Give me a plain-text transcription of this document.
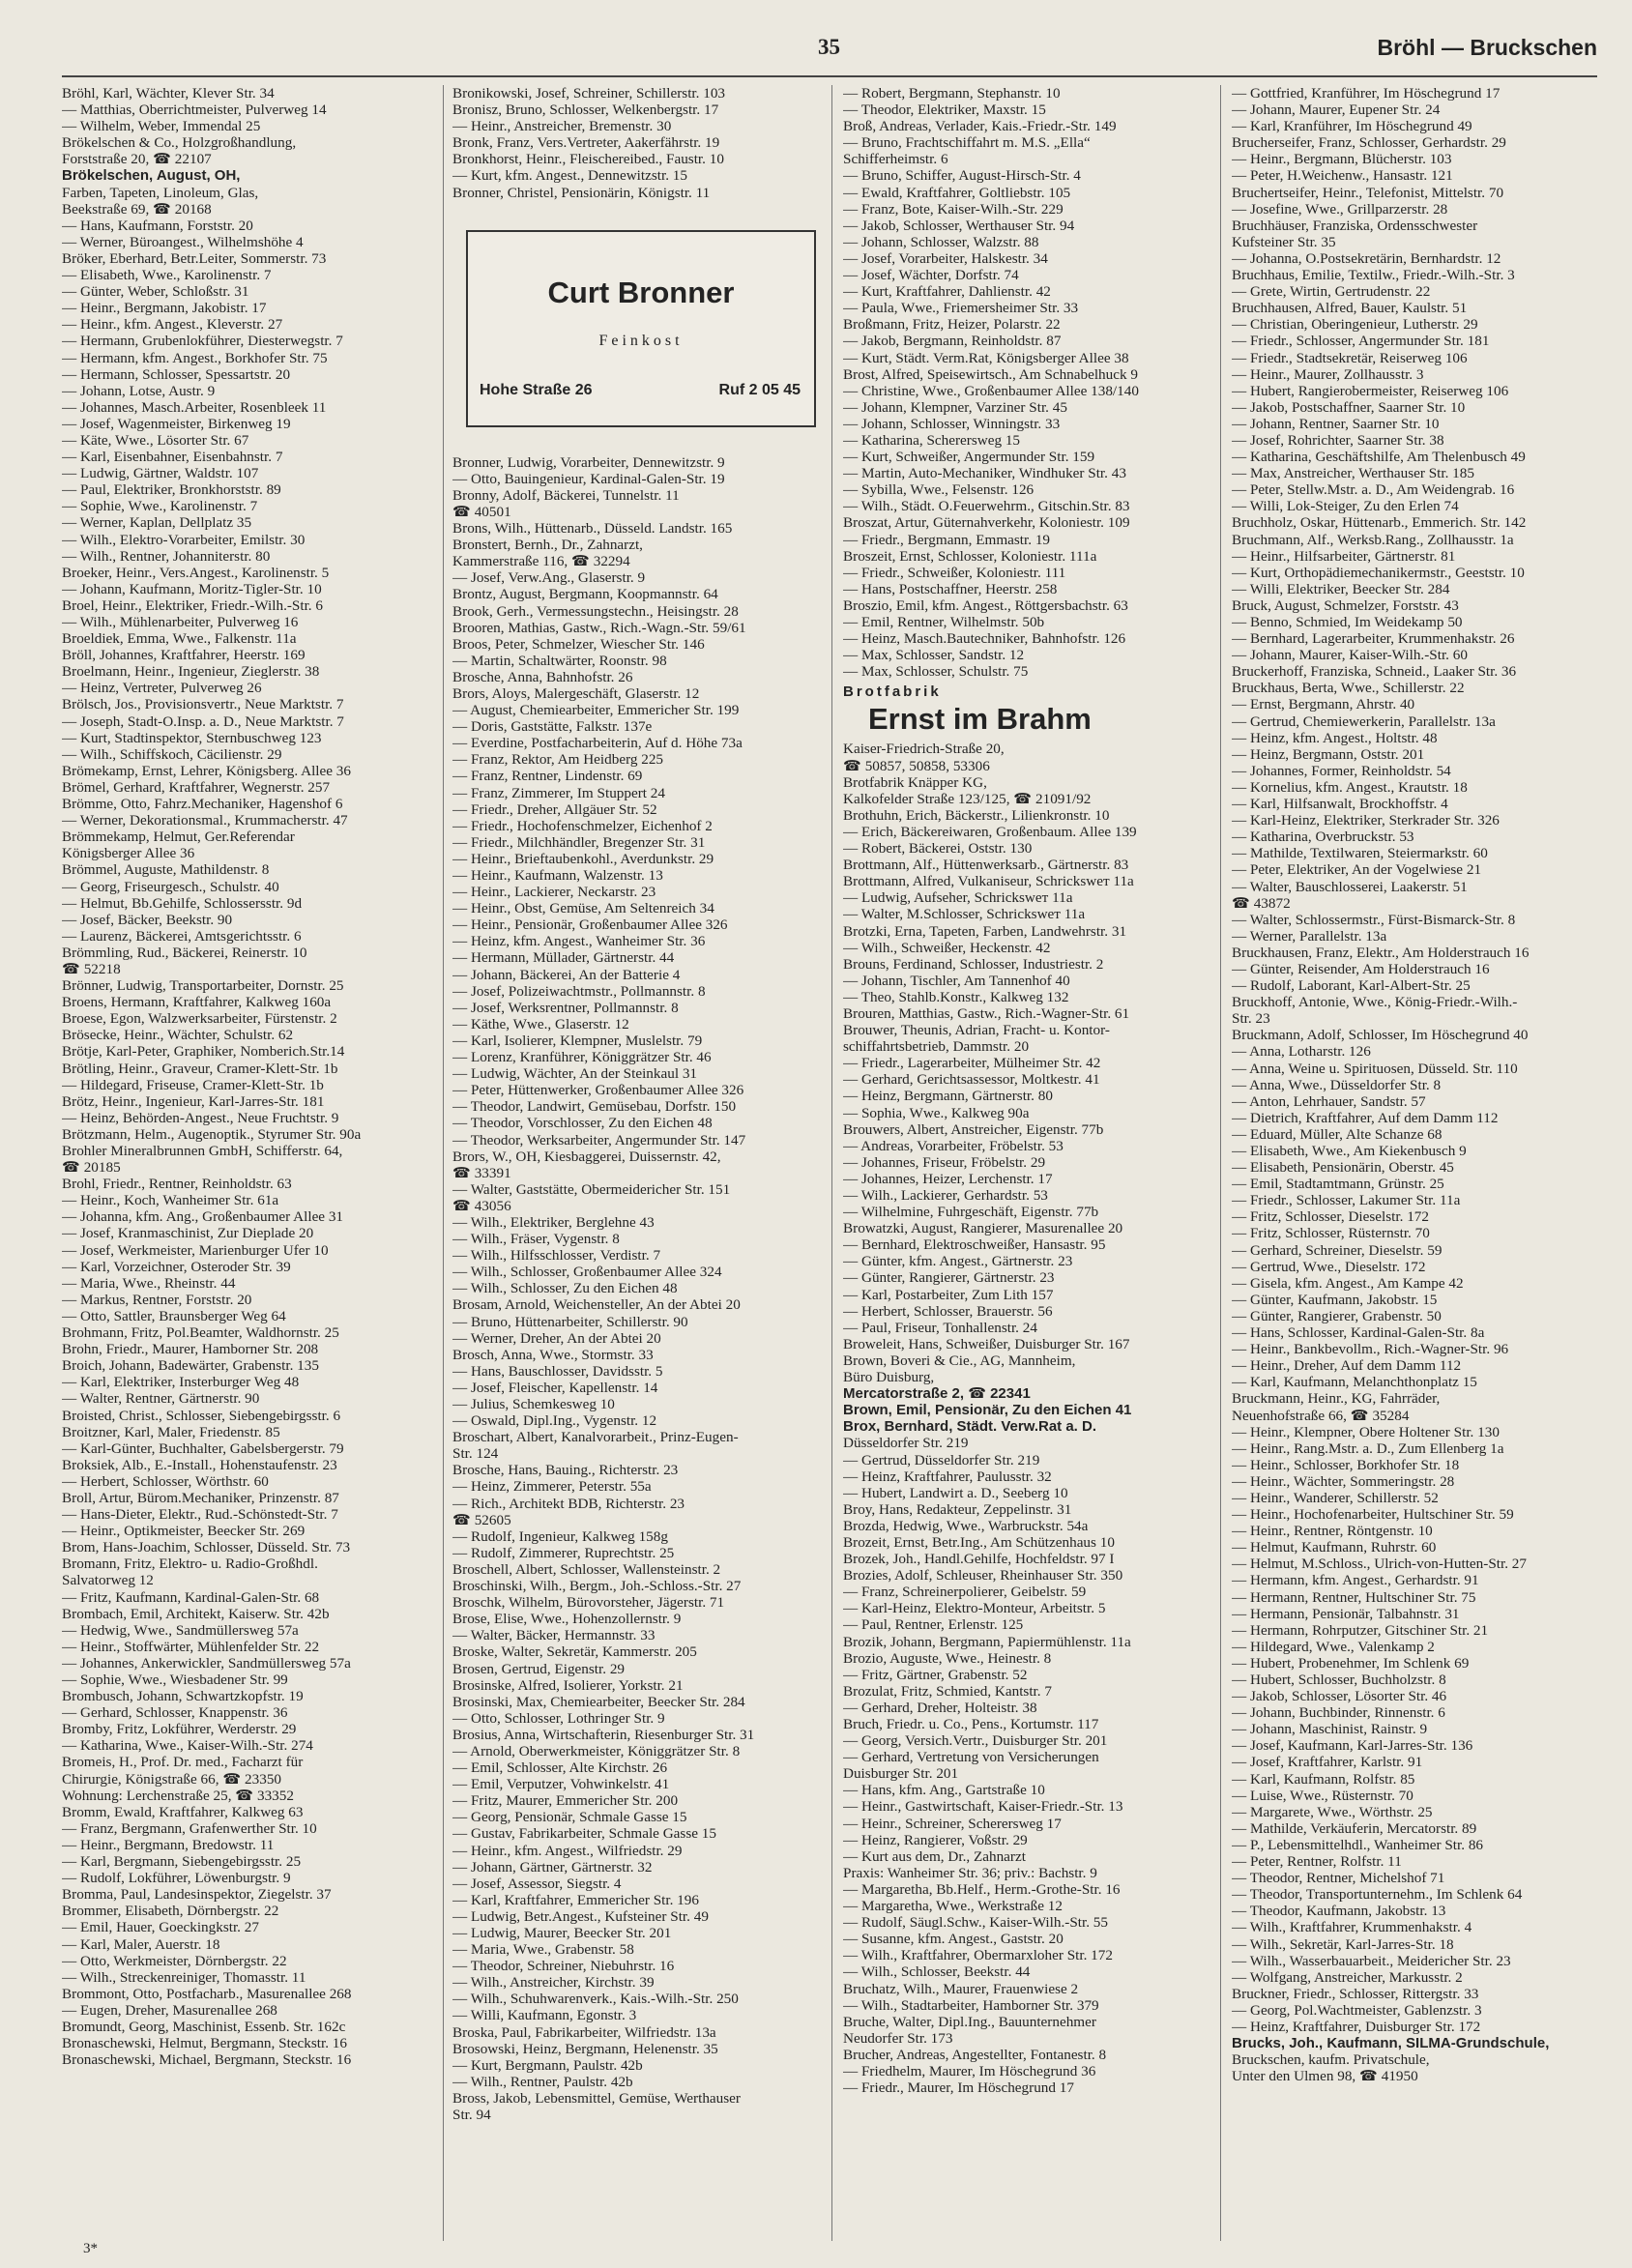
35	Bröhl — Bruckschen
Bröhl, Karl, Wächter, Klever Str. 34
— Matthias, Oberrichtmeister, Pulverweg 14
— Wilhelm, Weber, Immendal 25
Brökelschen & Co., Holzgroßhandlung,
Forststraße 20, ☎ 22107
Brökelschen, August, OH,
Farben, Tapeten, Linoleum, Glas,
Beekstraße 69, ☎ 20168
— Hans, Kaufmann, Forststr. 20
— Werner, Büroangest., Wilhelmshöhe 4
Bröker, Eberhard, Betr.Leiter, Sommerstr. 73
— Elisabeth, Wwe., Karolinenstr. 7
— Günter, Weber, Schloßstr. 31
— Heinr., Bergmann, Jakobistr. 17
— Heinr., kfm. Angest., Kleverstr. 27
— Hermann, Grubenlokführer, Diesterwegstr. 7
— Hermann, kfm. Angest., Borkhofer Str. 75
— Hermann, Schlosser, Spessartstr. 20
— Johann, Lotse, Austr. 9
— Johannes, Masch.Arbeiter, Rosenbleek 11
— Josef, Wagenmeister, Birkenweg 19
— Käte, Wwe., Lösorter Str. 67
— Karl, Eisenbahner, Eisenbahnstr. 7
— Ludwig, Gärtner, Waldstr. 107
— Paul, Elektriker, Bronkhorststr. 89
— Sophie, Wwe., Karolinenstr. 7
— Werner, Kaplan, Dellplatz 35
— Wilh., Elektro-Vorarbeiter, Emilstr. 30
— Wilh., Rentner, Johanniterstr. 80
Broeker, Heinr., Vers.Angest., Karolinenstr. 5
— Johann, Kaufmann, Moritz-Tigler-Str. 10
Broel, Heinr., Elektriker, Friedr.-Wilh.-Str. 6
— Wilh., Mühlenarbeiter, Pulverweg 16
Broeldiek, Emma, Wwe., Falkenstr. 11a
Bröll, Johannes, Kraftfahrer, Heerstr. 169
Broelmann, Heinr., Ingenieur, Zieglerstr. 38
— Heinz, Vertreter, Pulverweg 26
Brölsch, Jos., Provisionsvertr., Neue Marktstr. 7
— Joseph, Stadt-O.Insp. a. D., Neue Marktstr. 7
— Kurt, Stadtinspektor, Sternbuschweg 123
— Wilh., Schiffskoch, Cäcilienstr. 29
Brömekamp, Ernst, Lehrer, Königsberg. Allee 36
Brömel, Gerhard, Kraftfahrer, Wegnerstr. 257
Brömme, Otto, Fahrz.Mechaniker, Hagenshof 6
— Werner, Dekorationsmal., Krummacherstr. 47
Brömmekamp, Helmut, Ger.Referendar
Königsberger Allee 36
Brömmel, Auguste, Mathildenstr. 8
— Georg, Friseurgesch., Schulstr. 40
— Helmut, Bb.Gehilfe, Schlossersstr. 9d
— Josef, Bäcker, Beekstr. 90
— Laurenz, Bäckerei, Amtsgerichtsstr. 6
Brömmling, Rud., Bäckerei, Reinerstr. 10
☎ 52218
Brönner, Ludwig, Transportarbeiter, Dornstr. 25
Broens, Hermann, Kraftfahrer, Kalkweg 160a
Broese, Egon, Walzwerksarbeiter, Fürstenstr. 2
Brösecke, Heinr., Wächter, Schulstr. 62
Brötje, Karl-Peter, Graphiker, Nomberich.Str.14
Brötling, Heinr., Graveur, Cramer-Klett-Str. 1b
— Hildegard, Friseuse, Cramer-Klett-Str. 1b
Brötz, Heinr., Ingenieur, Karl-Jarres-Str. 181
— Heinz, Behörden-Angest., Neue Fruchtstr. 9
Brötzmann, Helm., Augenoptik., Styrumer Str. 90a
Brohler Mineralbrunnen GmbH, Schifferstr. 64,
☎ 20185
Brohl, Friedr., Rentner, Reinholdstr. 63
— Heinr., Koch, Wanheimer Str. 61a
— Johanna, kfm. Ang., Großenbaumer Allee 31
— Josef, Kranmaschinist, Zur Dieplade 20
— Josef, Werkmeister, Marienburger Ufer 10
— Karl, Vorzeichner, Osteroder Str. 39
— Maria, Wwe., Rheinstr. 44
— Markus, Rentner, Forststr. 20
— Otto, Sattler, Braunsberger Weg 64
Brohmann, Fritz, Pol.Beamter, Waldhornstr. 25
Brohn, Friedr., Maurer, Hamborner Str. 208
Broich, Johann, Badewärter, Grabenstr. 135
— Karl, Elektriker, Insterburger Weg 48
— Walter, Rentner, Gärtnerstr. 90
Broisted, Christ., Schlosser, Siebengebirgsstr. 6
Broitzner, Karl, Maler, Friedenstr. 85
— Karl-Günter, Buchhalter, Gabelsbergerstr. 79
Broksiek, Alb., E.-Install., Hohenstaufenstr. 23
— Herbert, Schlosser, Wörthstr. 60
Broll, Artur, Bürom.Mechaniker, Prinzenstr. 87
— Hans-Dieter, Elektr., Rud.-Schönstedt-Str. 7
— Heinr., Optikmeister, Beecker Str. 269
Brom, Hans-Joachim, Schlosser, Düsseld. Str. 73
Bromann, Fritz, Elektro- u. Radio-Großhdl.
Salvatorweg 12
— Fritz, Kaufmann, Kardinal-Galen-Str. 68
Brombach, Emil, Architekt, Kaiserw. Str. 42b
— Hedwig, Wwe., Sandmüllersweg 57a
— Heinr., Stoffwärter, Mühlenfelder Str. 22
— Johannes, Ankerwickler, Sandmüllersweg 57a
— Sophie, Wwe., Wiesbadener Str. 99
Brombusch, Johann, Schwartzkopfstr. 19
— Gerhard, Schlosser, Knappenstr. 36
Bromby, Fritz, Lokführer, Werderstr. 29
— Katharina, Wwe., Kaiser-Wilh.-Str. 274
Bromeis, H., Prof. Dr. med., Facharzt für
Chirurgie, Königstraße 66, ☎ 23350
Wohnung: Lerchenstraße 25, ☎ 33352
Bromm, Ewald, Kraftfahrer, Kalkweg 63
— Franz, Bergmann, Grafenwerther Str. 10
— Heinr., Bergmann, Bredowstr. 11
— Karl, Bergmann, Siebengebirgsstr. 25
— Rudolf, Lokführer, Löwenburgstr. 9
Bromma, Paul, Landesinspektor, Ziegelstr. 37
Brommer, Elisabeth, Dörnbergstr. 22
— Emil, Hauer, Goeckingkstr. 27
— Karl, Maler, Auerstr. 18
— Otto, Werkmeister, Dörnbergstr. 22
— Wilh., Streckenreiniger, Thomasstr. 11
Brommont, Otto, Postfacharb., Masurenallee 268
— Eugen, Dreher, Masurenallee 268
Bromundt, Georg, Maschinist, Essenb. Str. 162c
Bronaschewski, Helmut, Bergmann, Steckstr. 16
Bronaschewski, Michael, Bergmann, Steckstr. 16
Bronikowski, Josef, Schreiner, Schillerstr. 103
Bronisz, Bruno, Schlosser, Welkenbergstr. 17
— Heinr., Anstreicher, Bremenstr. 30
Bronk, Franz, Vers.Vertreter, Aakerfährstr. 19
Bronkhorst, Heinr., Fleischereibed., Faustr. 10
— Kurt, kfm. Angest., Dennewitzstr. 15
Bronner, Christel, Pensionärin, Königstr. 11
Curt Bronner
Feinkost
Hohe Straße 26	Ruf 2 05 45
Bronner, Ludwig, Vorarbeiter, Dennewitzstr. 9
— Otto, Bauingenieur, Kardinal-Galen-Str. 19
Bronny, Adolf, Bäckerei, Tunnelstr. 11
☎ 40501
Brons, Wilh., Hüttenarb., Düsseld. Landstr. 165
Bronstert, Bernh., Dr., Zahnarzt,
Kammerstraße 116, ☎ 32294
— Josef, Verw.Ang., Glaserstr. 9
Brontz, August, Bergmann, Koopmannstr. 64
Brook, Gerh., Vermessungstechn., Heisingstr. 28
Brooren, Mathias, Gastw., Rich.-Wagn.-Str. 59/61
Broos, Peter, Schmelzer, Wiescher Str. 146
— Martin, Schaltwärter, Roonstr. 98
Brosche, Anna, Bahnhofstr. 26
Brors, Aloys, Malergeschäft, Glaserstr. 12
— August, Chemiearbeiter, Emmericher Str. 199
— Doris, Gaststätte, Falkstr. 137e
— Everdine, Postfacharbeiterin, Auf d. Höhe 73a
— Franz, Rektor, Am Heidberg 225
— Franz, Rentner, Lindenstr. 69
— Franz, Zimmerer, Im Stuppert 24
— Friedr., Dreher, Allgäuer Str. 52
— Friedr., Hochofenschmelzer, Eichenhof 2
— Friedr., Milchhändler, Bregenzer Str. 31
— Heinr., Brieftaubenkohl., Averdunkstr. 29
— Heinr., Kaufmann, Walzenstr. 13
— Heinr., Lackierer, Neckarstr. 23
— Heinr., Obst, Gemüse, Am Seltenreich 34
— Heinr., Pensionär, Großenbaumer Allee 326
— Heinz, kfm. Angest., Wanheimer Str. 36
— Hermann, Müllader, Gärtnerstr. 44
— Johann, Bäckerei, An der Batterie 4
— Josef, Polizeiwachtmstr., Pollmannstr. 8
— Josef, Werksrentner, Pollmannstr. 8
— Käthe, Wwe., Glaserstr. 12
— Karl, Isolierer, Klempner, Muslelstr. 79
— Lorenz, Kranführer, Königgrätzer Str. 46
— Ludwig, Wächter, An der Steinkaul 31
— Peter, Hüttenwerker, Großenbaumer Allee 326
— Theodor, Landwirt, Gemüsebau, Dorfstr. 150
— Theodor, Vorschlosser, Zu den Eichen 48
— Theodor, Werksarbeiter, Angermunder Str. 147
Brors, W., OH, Kiesbaggerei, Duissernstr. 42,
☎ 33391
— Walter, Gaststätte, Obermeidericher Str. 151
☎ 43056
— Wilh., Elektriker, Berglehne 43
— Wilh., Fräser, Vygenstr. 8
— Wilh., Hilfsschlosser, Verdistr. 7
— Wilh., Schlosser, Großenbaumer Allee 324
— Wilh., Schlosser, Zu den Eichen 48
Brosam, Arnold, Weichensteller, An der Abtei 20
— Bruno, Hüttenarbeiter, Schillerstr. 90
— Werner, Dreher, An der Abtei 20
Brosch, Anna, Wwe., Stormstr. 33
— Hans, Bauschlosser, Davidsstr. 5
— Josef, Fleischer, Kapellenstr. 14
— Julius, Schemkesweg 10
— Oswald, Dipl.Ing., Vygenstr. 12
Broschart, Albert, Kanalvorarbeit., Prinz-Eugen-
Str. 124
Brosche, Hans, Bauing., Richterstr. 23
— Heinz, Zimmerer, Peterstr. 55a
— Rich., Architekt BDB, Richterstr. 23
☎ 52605
— Rudolf, Ingenieur, Kalkweg 158g
— Rudolf, Zimmerer, Ruprechtstr. 25
Broschell, Albert, Schlosser, Wallensteinstr. 2
Broschinski, Wilh., Bergm., Joh.-Schloss.-Str. 27
Broschk, Wilhelm, Bürovorsteher, Jägerstr. 71
Brose, Elise, Wwe., Hohenzollernstr. 9
— Walter, Bäcker, Hermannstr. 33
Broske, Walter, Sekretär, Kammerstr. 205
Brosen, Gertrud, Eigenstr. 29
Brosinske, Alfred, Isolierer, Yorkstr. 21
Brosinski, Max, Chemiearbeiter, Beecker Str. 284
— Otto, Schlosser, Lothringer Str. 9
Brosius, Anna, Wirtschafterin, Riesenburger Str. 31
— Arnold, Oberwerkmeister, Königgrätzer Str. 8
— Emil, Schlosser, Alte Kirchstr. 26
— Emil, Verputzer, Vohwinkelstr. 41
— Fritz, Maurer, Emmericher Str. 200
— Georg, Pensionär, Schmale Gasse 15
— Gustav, Fabrikarbeiter, Schmale Gasse 15
— Heinr., kfm. Angest., Wilfriedstr. 29
— Johann, Gärtner, Gärtnerstr. 32
— Josef, Assessor, Siegstr. 4
— Karl, Kraftfahrer, Emmericher Str. 196
— Ludwig, Betr.Angest., Kufsteiner Str. 49
— Ludwig, Maurer, Beecker Str. 201
— Maria, Wwe., Grabenstr. 58
— Theodor, Schreiner, Niebuhrstr. 16
— Wilh., Anstreicher, Kirchstr. 39
— Wilh., Schuhwarenverk., Kais.-Wilh.-Str. 250
— Willi, Kaufmann, Egonstr. 3
Broska, Paul, Fabrikarbeiter, Wilfriedstr. 13a
Brosowski, Heinz, Bergmann, Helenenstr. 35
— Kurt, Bergmann, Paulstr. 42b
— Wilh., Rentner, Paulstr. 42b
Bross, Jakob, Lebensmittel, Gemüse, Werthauser
Str. 94
— Robert, Bergmann, Stephanstr. 10
— Theodor, Elektriker, Maxstr. 15
Broß, Andreas, Verlader, Kais.-Friedr.-Str. 149
— Bruno, Frachtschiffahrt m. M.S. „Ella“
Schifferheimstr. 6
— Bruno, Schiffer, August-Hirsch-Str. 4
— Ewald, Kraftfahrer, Goltliebstr. 105
— Franz, Bote, Kaiser-Wilh.-Str. 229
— Jakob, Schlosser, Werthauser Str. 94
— Johann, Schlosser, Walzstr. 88
— Josef, Vorarbeiter, Halskestr. 34
— Josef, Wächter, Dorfstr. 74
— Kurt, Kraftfahrer, Dahlienstr. 42
— Paula, Wwe., Friemersheimer Str. 33
Broßmann, Fritz, Heizer, Polarstr. 22
— Jakob, Bergmann, Reinholdstr. 87
— Kurt, Städt. Verm.Rat, Königsberger Allee 38
Brost, Alfred, Speisewirtsch., Am Schnabelhuck 9
— Christine, Wwe., Großenbaumer Allee 138/140
— Johann, Klempner, Varziner Str. 45
— Johann, Schlosser, Winningstr. 33
— Katharina, Scherersweg 15
— Kurt, Schweißer, Angermunder Str. 159
— Martin, Auto-Mechaniker, Windhuker Str. 43
— Sybilla, Wwe., Felsenstr. 126
— Wilh., Städt. O.Feuerwehrm., Gitschin.Str. 83
Broszat, Artur, Güternahverkehr, Koloniestr. 109
— Friedr., Bergmann, Emmastr. 19
Broszeit, Ernst, Schlosser, Koloniestr. 111a
— Friedr., Schweißer, Koloniestr. 111
— Hans, Postschaffner, Heerstr. 258
Broszio, Emil, kfm. Angest., Röttgersbachstr. 63
— Emil, Rentner, Wilhelmstr. 50b
— Heinz, Masch.Bautechniker, Bahnhofstr. 126
— Max, Schlosser, Sandstr. 12
— Max, Schlosser, Schulstr. 75
Brotfabrik
Ernst im Brahm
Kaiser-Friedrich-Straße 20,
☎ 50857, 50858, 53306
Brotfabrik Knäpper KG,
Kalkofelder Straße 123/125, ☎ 21091/92
Brothuhn, Erich, Bäckerstr., Lilienkronstr. 10
— Erich, Bäckereiwaren, Großenbaum. Allee 139
— Robert, Bäckerei, Oststr. 130
Brottmann, Alf., Hüttenwerksarb., Gärtnerstr. 83
Brottmann, Alfred, Vulkaniseur, Schricksweт 11a
— Ludwig, Aufseher, Schricksweт 11a
— Walter, M.Schlosser, Schricksweт 11a
Brotzki, Erna, Tapeten, Farben, Landwehrstr. 31
— Wilh., Schweißer, Heckenstr. 42
Brouns, Ferdinand, Schlosser, Industriestr. 2
— Johann, Tischler, Am Tannenhof 40
— Theo, Stahlb.Konstr., Kalkweg 132
Brouren, Matthias, Gastw., Rich.-Wagner-Str. 61
Brouwer, Theunis, Adrian, Fracht- u. Kontor-
schiffahrtsbetrieb, Dammstr. 20
— Friedr., Lagerarbeiter, Mülheimer Str. 42
— Gerhard, Gerichtsassessor, Moltkestr. 41
— Heinz, Bergmann, Gärtnerstr. 80
— Sophia, Wwe., Kalkweg 90a
Brouwers, Albert, Anstreicher, Eigenstr. 77b
— Andreas, Vorarbeiter, Fröbelstr. 53
— Johannes, Friseur, Fröbelstr. 29
— Johannes, Heizer, Lerchenstr. 17
— Wilh., Lackierer, Gerhardstr. 53
— Wilhelmine, Fuhrgeschäft, Eigenstr. 77b
Browatzki, August, Rangierer, Masurenallee 20
— Bernhard, Elektroschweißer, Hansastr. 95
— Günter, kfm. Angest., Gärtnerstr. 23
— Günter, Rangierer, Gärtnerstr. 23
— Karl, Postarbeiter, Zum Lith 157
— Herbert, Schlosser, Brauerstr. 56
— Paul, Friseur, Tonhallenstr. 24
Broweleit, Hans, Schweißer, Duisburger Str. 167
Brown, Boveri & Cie., AG, Mannheim,
Büro Duisburg,
Mercatorstraße 2, ☎ 22341
Brown, Emil, Pensionär, Zu den Eichen 41
Brox, Bernhard, Städt. Verw.Rat a. D.
Düsseldorfer Str. 219
— Gertrud, Düsseldorfer Str. 219
— Heinz, Kraftfahrer, Paulusstr. 32
— Hubert, Landwirt a. D., Seeberg 10
Broy, Hans, Redakteur, Zeppelinstr. 31
Brozda, Hedwig, Wwe., Warbruckstr. 54a
Brozeit, Ernst, Betr.Ing., Am Schützenhaus 10
Brozek, Joh., Handl.Gehilfe, Hochfeldstr. 97 I
Brozies, Adolf, Schleuser, Rheinhauser Str. 350
— Franz, Schreinerpolierer, Geibelstr. 59
— Karl-Heinz, Elektro-Monteur, Arbeitstr. 5
— Paul, Rentner, Erlenstr. 125
Brozik, Johann, Bergmann, Papiermühlenstr. 11a
Brozio, Auguste, Wwe., Heinestr. 8
— Fritz, Gärtner, Grabenstr. 52
Brozulat, Fritz, Schmied, Kantstr. 7
— Gerhard, Dreher, Holteistr. 38
Bruch, Friedr. u. Co., Pens., Kortumstr. 117
— Georg, Versich.Vertr., Duisburger Str. 201
— Gerhard, Vertretung von Versicherungen
Duisburger Str. 201
— Hans, kfm. Ang., Gartstraße 10
— Heinr., Gastwirtschaft, Kaiser-Friedr.-Str. 13
— Heinr., Schreiner, Scherersweg 17
— Heinz, Rangierer, Voßstr. 29
— Kurt aus dem, Dr., Zahnarzt
Praxis: Wanheimer Str. 36; priv.: Bachstr. 9
— Margaretha, Bb.Helf., Herm.-Grothe-Str. 16
— Margaretha, Wwe., Werkstraße 12
— Rudolf, Säugl.Schw., Kaiser-Wilh.-Str. 55
— Susanne, kfm. Angest., Gaststr. 20
— Wilh., Kraftfahrer, Obermarxloher Str. 172
— Wilh., Schlosser, Beekstr. 44
Bruchatz, Wilh., Maurer, Frauenwiese 2
— Wilh., Stadtarbeiter, Hamborner Str. 379
Bruche, Walter, Dipl.Ing., Bauunternehmer
Neudorfer Str. 173
Brucher, Andreas, Angestellter, Fontanestr. 8
— Friedhelm, Maurer, Im Höschegrund 36
— Friedr., Maurer, Im Höschegrund 17
— Gottfried, Kranführer, Im Höschegrund 17
— Johann, Maurer, Eupener Str. 24
— Karl, Kranführer, Im Höschegrund 49
Brucherseifer, Franz, Schlosser, Gerhardstr. 29
— Heinr., Bergmann, Blücherstr. 103
— Peter, H.Weichenw., Hansastr. 121
Bruchertseifer, Heinr., Telefonist, Mittelstr. 70
— Josefine, Wwe., Grillparzerstr. 28
Bruchhäuser, Franziska, Ordensschwester
Kufsteiner Str. 35
— Johanna, O.Postsekretärin, Bernhardstr. 12
Bruchhaus, Emilie, Textilw., Friedr.-Wilh.-Str. 3
— Grete, Wirtin, Gertrudenstr. 22
Bruchhausen, Alfred, Bauer, Kaulstr. 51
— Christian, Oberingenieur, Lutherstr. 29
— Friedr., Schlosser, Angermunder Str. 181
— Friedr., Stadtsekretär, Reiserweg 106
— Heinr., Maurer, Zollhausstr. 3
— Hubert, Rangierobermeister, Reiserweg 106
— Jakob, Postschaffner, Saarner Str. 10
— Johann, Rentner, Saarner Str. 10
— Josef, Rohrichter, Saarner Str. 38
— Katharina, Geschäftshilfe, Am Thelenbusch 49
— Max, Anstreicher, Werthauser Str. 185
— Peter, Stellw.Mstr. a. D., Am Weidengrab. 16
— Willi, Lok-Steiger, Zu den Erlen 74
Bruchholz, Oskar, Hüttenarb., Emmerich. Str. 142
Bruchmann, Alf., Werksb.Rang., Zollhausstr. 1a
— Heinr., Hilfsarbeiter, Gärtnerstr. 81
— Kurt, Orthopädiemechanikermstr., Geeststr. 10
— Willi, Elektriker, Beecker Str. 284
Bruck, August, Schmelzer, Forststr. 43
— Benno, Schmied, Im Weidekamp 50
— Bernhard, Lagerarbeiter, Krummenhakstr. 26
— Johann, Maurer, Kaiser-Wilh.-Str. 60
Bruckerhoff, Franziska, Schneid., Laaker Str. 36
Bruckhaus, Berta, Wwe., Schillerstr. 22
— Ernst, Bergmann, Ahrstr. 40
— Gertrud, Chemiewerkerin, Parallelstr. 13a
— Heinz, kfm. Angest., Holtstr. 48
— Heinz, Bergmann, Oststr. 201
— Johannes, Former, Reinholdstr. 54
— Kornelius, kfm. Angest., Krautstr. 18
— Karl, Hilfsanwalt, Brockhoffstr. 4
— Karl-Heinz, Elektriker, Sterkrader Str. 326
— Katharina, Overbruckstr. 53
— Mathilde, Textilwaren, Steiermarkstr. 60
— Peter, Elektriker, An der Vogelwiese 21
— Walter, Bauschlosserei, Laakerstr. 51
☎ 43872
— Walter, Schlossermstr., Fürst-Bismarck-Str. 8
— Werner, Parallelstr. 13a
Bruckhausen, Franz, Elektr., Am Holderstrauch 16
— Günter, Reisender, Am Holderstrauch 16
— Rudolf, Laborant, Karl-Albert-Str. 25
Bruckhoff, Antonie, Wwe., König-Friedr.-Wilh.-
Str. 23
Bruckmann, Adolf, Schlosser, Im Höschegrund 40
— Anna, Lotharstr. 126
— Anna, Weine u. Spirituosen, Düsseld. Str. 110
— Anna, Wwe., Düsseldorfer Str. 8
— Anton, Lehrhauer, Sandstr. 57
— Dietrich, Kraftfahrer, Auf dem Damm 112
— Eduard, Müller, Alte Schanze 68
— Elisabeth, Wwe., Am Kiekenbusch 9
— Elisabeth, Pensionärin, Oberstr. 45
— Emil, Stadtamtmann, Grünstr. 25
— Friedr., Schlosser, Lakumer Str. 11a
— Fritz, Schlosser, Dieselstr. 172
— Fritz, Schlosser, Rüsternstr. 70
— Gerhard, Schreiner, Dieselstr. 59
— Gertrud, Wwe., Dieselstr. 172
— Gisela, kfm. Angest., Am Kampe 42
— Günter, Kaufmann, Jakobstr. 15
— Günter, Rangierer, Grabenstr. 50
— Hans, Schlosser, Kardinal-Galen-Str. 8a
— Heinr., Bankbevollm., Rich.-Wagner-Str. 96
— Heinr., Dreher, Auf dem Damm 112
— Karl, Kaufmann, Melanchthonplatz 15
Bruckmann, Heinr., KG, Fahrräder,
Neuenhofstraße 66, ☎ 35284
— Heinr., Klempner, Obere Holtener Str. 130
— Heinr., Rang.Mstr. a. D., Zum Ellenberg 1a
— Heinr., Schlosser, Borkhofer Str. 18
— Heinr., Wächter, Sommeringstr. 28
— Heinr., Wanderer, Schillerstr. 52
— Heinr., Hochofenarbeiter, Hultschiner Str. 59
— Heinr., Rentner, Röntgenstr. 10
— Helmut, Kaufmann, Ruhrstr. 60
— Helmut, M.Schloss., Ulrich-von-Hutten-Str. 27
— Hermann, kfm. Angest., Gerhardstr. 91
— Hermann, Rentner, Hultschiner Str. 75
— Hermann, Pensionär, Talbahnstr. 31
— Hermann, Rohrputzer, Gitschiner Str. 21
— Hildegard, Wwe., Valenkamp 2
— Hubert, Probenehmer, Im Schlenk 69
— Hubert, Schlosser, Buchholzstr. 8
— Jakob, Schlosser, Lösorter Str. 46
— Johann, Buchbinder, Rinnenstr. 6
— Johann, Maschinist, Rainstr. 9
— Josef, Kaufmann, Karl-Jarres-Str. 136
— Josef, Kraftfahrer, Karlstr. 91
— Karl, Kaufmann, Rolfstr. 85
— Luise, Wwe., Rüsternstr. 70
— Margarete, Wwe., Wörthstr. 25
— Mathilde, Verkäuferin, Mercatorstr. 89
— P., Lebensmittelhdl., Wanheimer Str. 86
— Peter, Rentner, Rolfstr. 11
— Theodor, Rentner, Michelshof 71
— Theodor, Transportunternehm., Im Schlenk 64
— Theodor, Kaufmann, Jakobstr. 13
— Wilh., Kraftfahrer, Krummenhakstr. 4
— Wilh., Sekretär, Karl-Jarres-Str. 18
— Wilh., Wasserbauarbeit., Meidericher Str. 23
— Wolfgang, Anstreicher, Markusstr. 2
Bruckner, Friedr., Schlosser, Rittergstr. 33
— Georg, Pol.Wachtmeister, Gablenzstr. 3
— Heinz, Kraftfahrer, Duisburger Str. 172
Brucks, Joh., Kaufmann, SILMA-Grundschule,
Bruckschen, kaufm. Privatschule,
Unter den Ulmen 98, ☎ 41950
3*
